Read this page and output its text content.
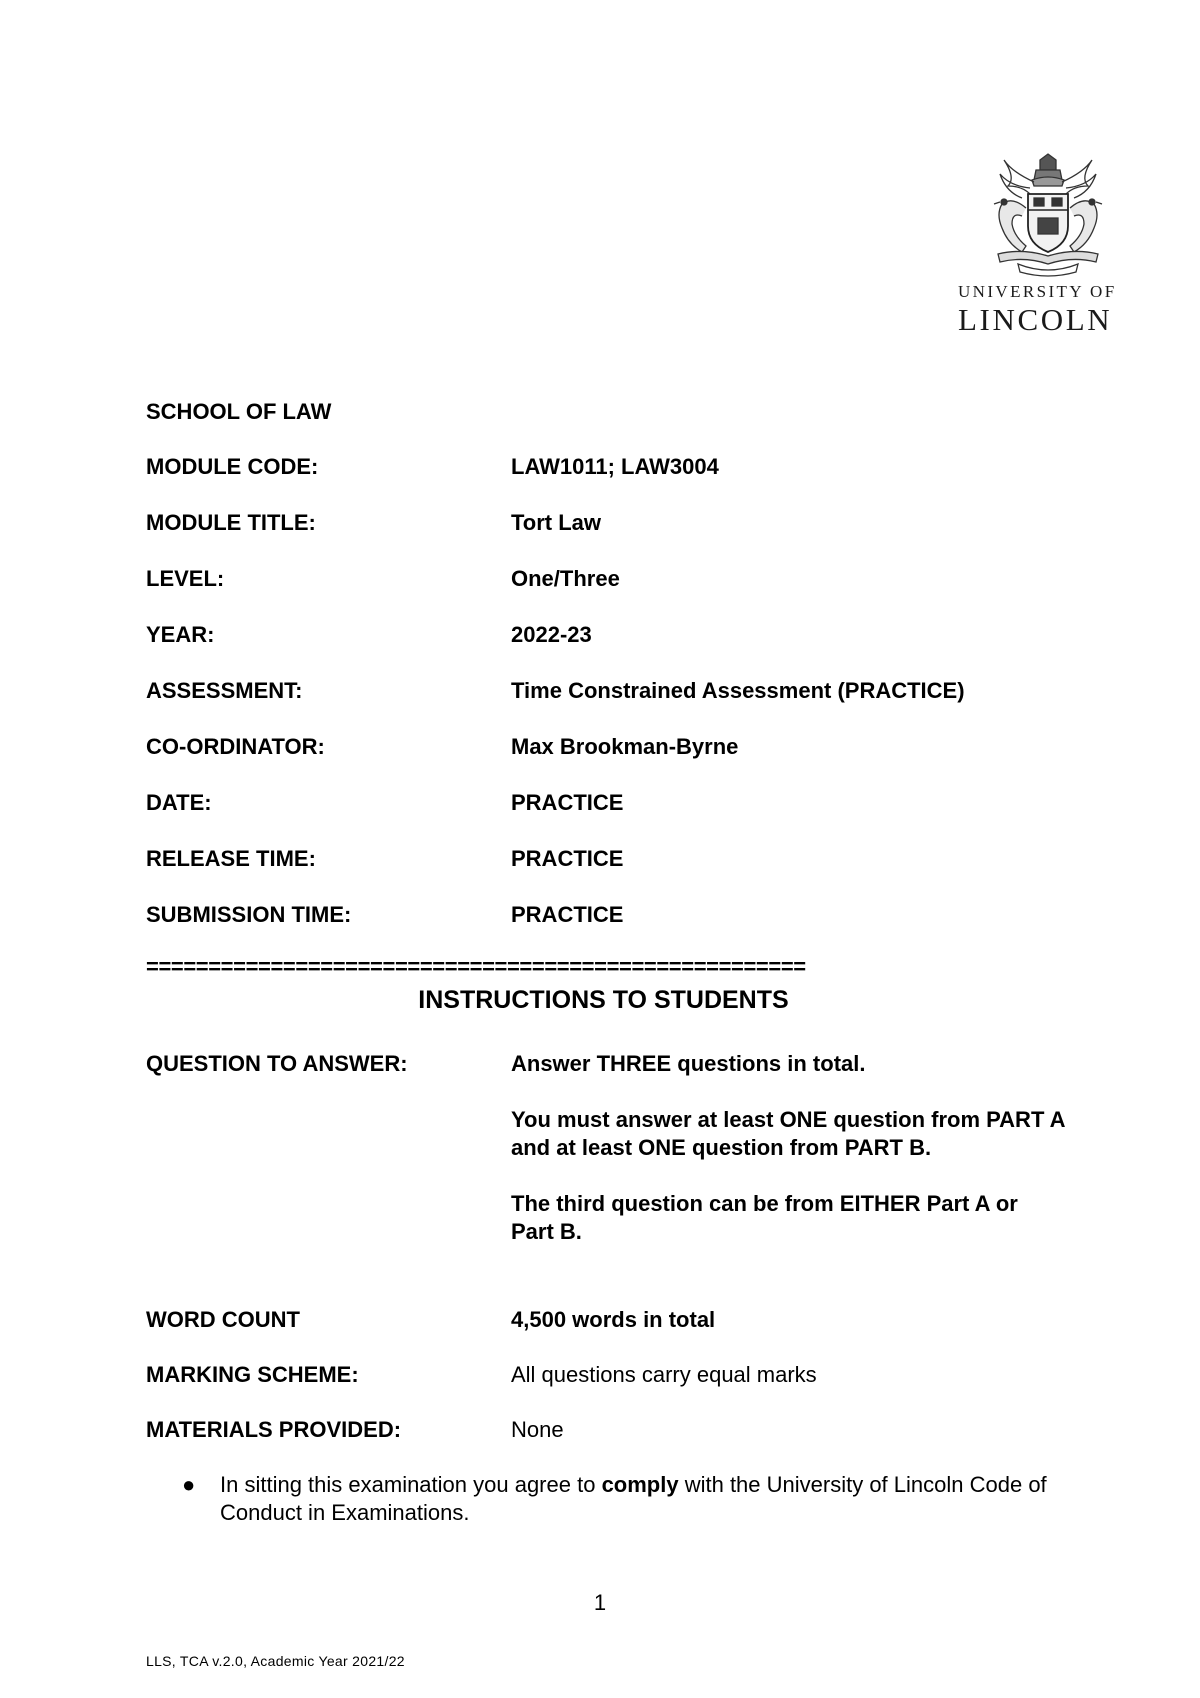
UNIVERSITY OF
LINCOLN
SCHOOL OF LAW
MODULE CODE:	LAW1011; LAW3004
MODULE TITLE:	Tort Law
LEVEL:	One/Three
YEAR:	2022-23
ASSESSMENT:	Time Constrained Assessment (PRACTICE)
CO-ORDINATOR:	Max Brookman-Byrne
DATE:	PRACTICE
RELEASE TIME:	PRACTICE
SUBMISSION TIME:	PRACTICE
=====================================================
INSTRUCTIONS TO STUDENTS
QUESTION TO ANSWER:	Answer THREE questions in total.

You must answer at least ONE question from PART A and at least ONE question from PART B.

The third question can be from EITHER Part A or Part B.

WORD COUNT	4,500 words in total
MARKING SCHEME:	All questions carry equal marks
MATERIALS PROVIDED:	None
● In sitting this examination you agree to comply with the University of Lincoln Code of Conduct in Examinations.
1
LLS, TCA v.2.0, Academic Year 2021/22
